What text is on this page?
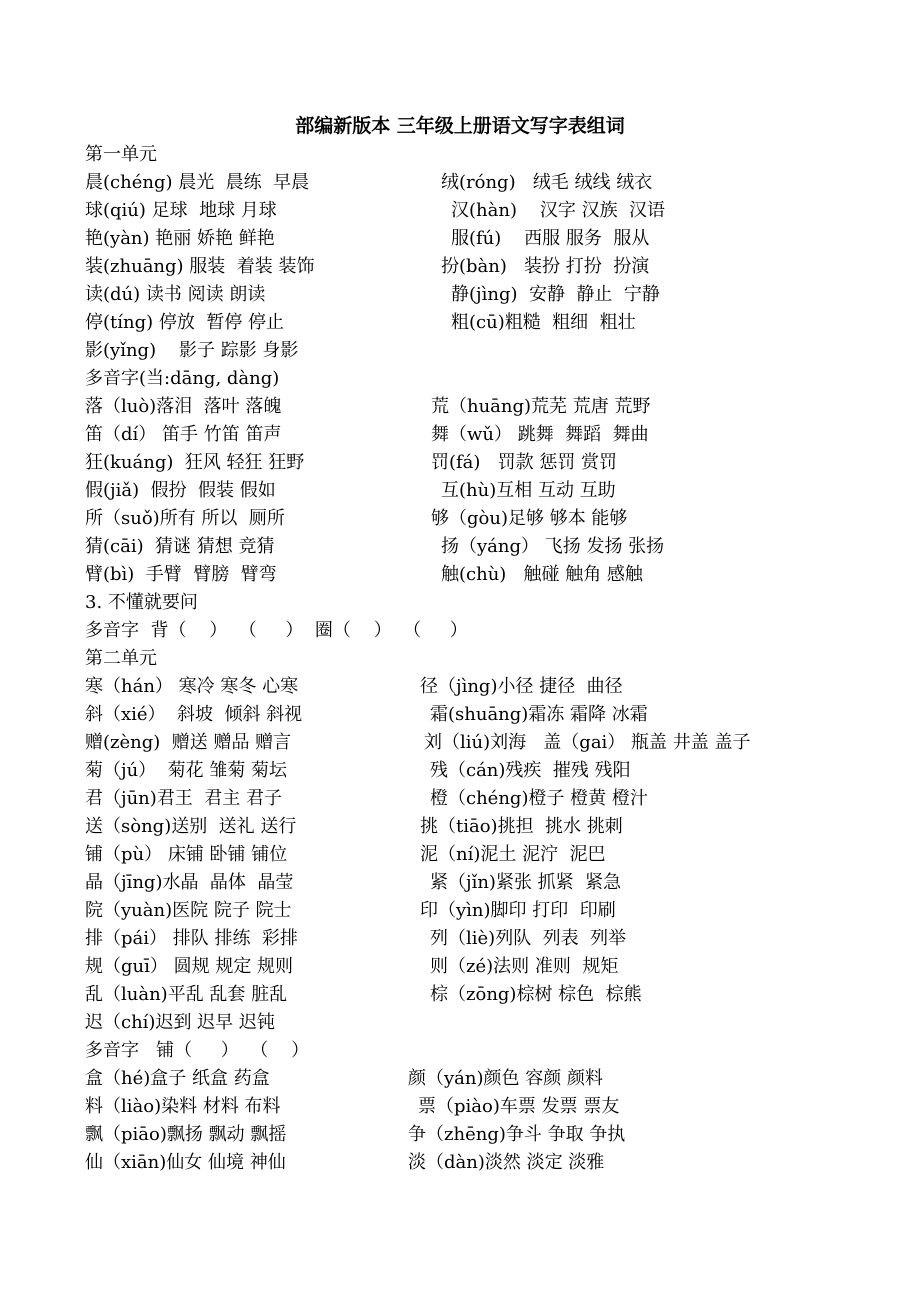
部编新版本 三年级上册语文写字表组词
第一单元
晨(chéng) 晨光  晨练  早晨	绒(róng)   绒毛 绒线 绒衣
球(qiú) 足球  地球 月球	汉(hàn)    汉字 汉族  汉语
艳(yàn) 艳丽 娇艳 鲜艳	服(fú)    西服 服务  服从
装(zhuāng) 服装  着装 装饰	扮(bàn)   装扮 打扮  扮演
读(dú) 读书 阅读 朗读	静(jìng)  安静  静止  宁静
停(tíng) 停放  暂停 停止	粗(cū)粗糙  粗细  粗壮
影(yǐng)    影子 踪影 身影
多音字(当:dāng, dàng)
落（luò)落泪  落叶 落魄	荒（huāng)荒芜 荒唐 荒野
笛（dí） 笛手 竹笛 笛声	舞（wǔ） 跳舞  舞蹈  舞曲
狂(kuáng)  狂风 轻狂 狂野	罚(fá)   罚款 惩罚 赏罚
假(jiǎ)  假扮  假装 假如	互(hù)互相 互动 互助
所（suǒ)所有 所以  厕所	够（gòu)足够 够本 能够
猜(cāi)  猜谜 猜想 竞猜	扬（yáng） 飞扬 发扬 张扬
臂(bì)  手臂  臂膀  臂弯	触(chù)   触碰 触角 感触
3. 不懂就要问
多音字  背（    ）  （     ）  圈（    ）  （     ）
第二单元
寒（hán） 寒冷 寒冬 心寒	径（jìng)小径 捷径  曲径
斜（xié）  斜坡  倾斜 斜视	霜(shuāng)霜冻 霜降 冰霜
赠(zèng)  赠送 赠品 赠言	刘（liú)刘海   盖（gai） 瓶盖 井盖 盖子
菊（jú）  菊花 雏菊 菊坛	残（cán)残疾  摧残 残阳
君（jūn)君王  君主 君子	橙（chéng)橙子 橙黄 橙汁
送（sòng)送别  送礼 送行	挑（tiāo)挑担  挑水 挑刺
铺（pù） 床铺 卧铺 铺位	泥（ní)泥土 泥泞  泥巴
晶（jīng)水晶  晶体  晶莹	紧（jǐn)紧张 抓紧  紧急
院（yuàn)医院 院子 院士	印（yìn)脚印 打印  印刷
排（pái） 排队 排练  彩排	列（liè)列队  列表  列举
规（guī） 圆规 规定 规则	则（zé)法则 准则  规矩
乱（luàn)平乱 乱套 脏乱	棕（zōng)棕树 棕色  棕熊
迟（chí)迟到 迟早 迟钝
多音字   铺（     ）  （    ）
盒（hé)盒子 纸盒 药盒	颜（yán)颜色 容颜 颜料
料（liào)染料 材料 布料	票（piào)车票 发票 票友
飘（piāo)飘扬 飘动 飘摇	争（zhēng)争斗 争取 争执
仙（xiān)仙女 仙境 神仙	淡（dàn)淡然 淡定 淡雅
